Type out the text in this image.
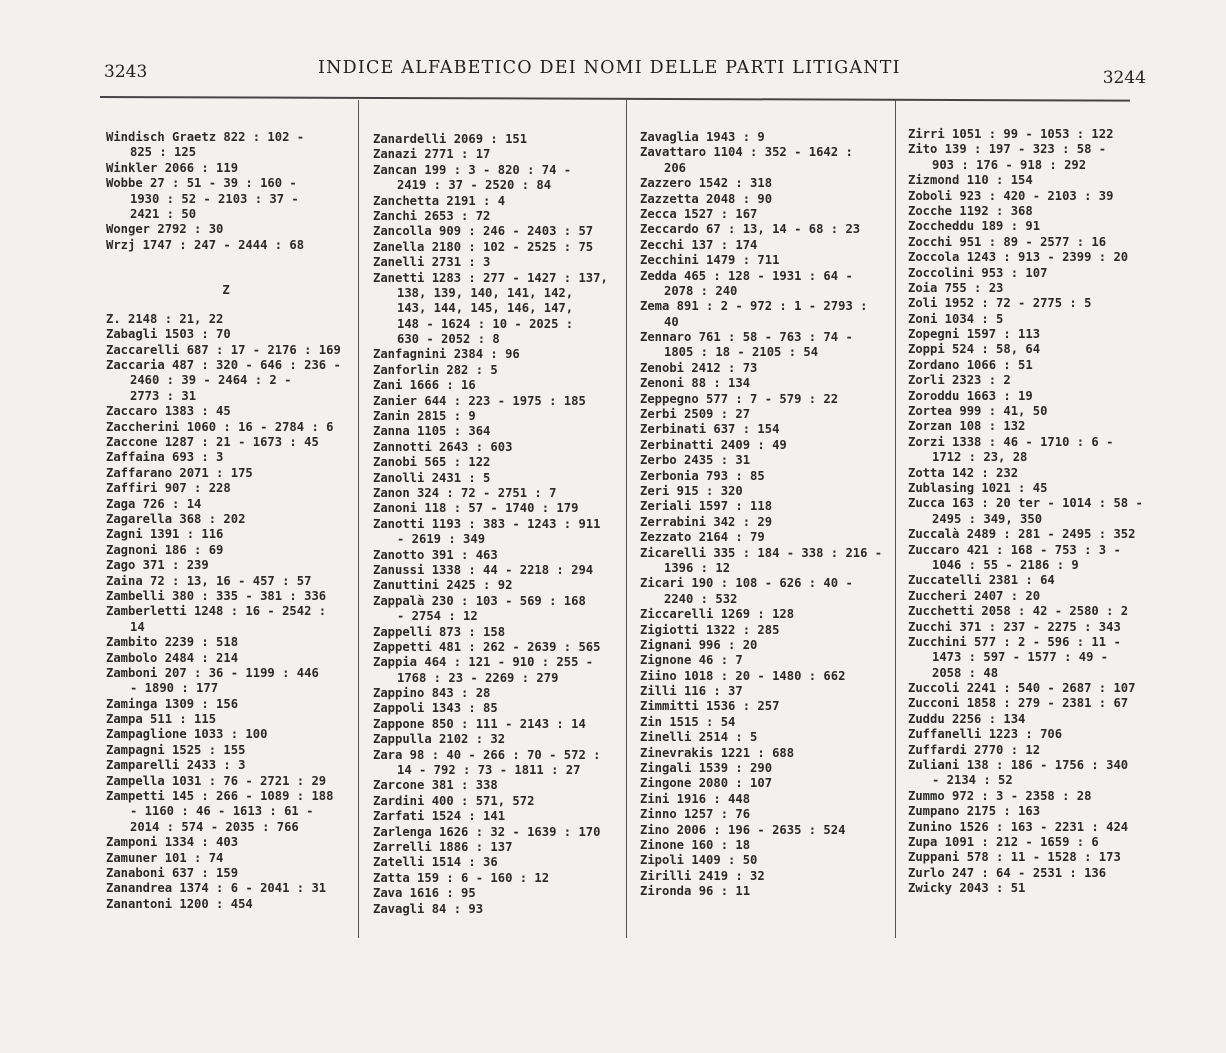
3243	INDICE ALFABETICO DEI NOMI DELLE PARTI LITIGANTI	3244
Windisch Graetz 822 : 102 -
825 : 125
Winkler 2066 : 119
Wobbe 27 : 51 - 39 : 160 -
1930 : 52 - 2103 : 37 -
2421 : 50
Wonger 2792 : 30
Wrzj 1747 : 247 - 2444 : 68
Z
Z. 2148 : 21, 22
Zabagli 1503 : 70
Zaccarelli 687 : 17 - 2176 : 169
Zaccaria 487 : 320 - 646 : 236 -
2460 : 39 - 2464 : 2 -
2773 : 31
Zaccaro 1383 : 45
Zaccherini 1060 : 16 - 2784 : 6
Zaccone 1287 : 21 - 1673 : 45
Zaffaina 693 : 3
Zaffarano 2071 : 175
Zaffiri 907 : 228
Zaga 726 : 14
Zagarella 368 : 202
Zagni 1391 : 116
Zagnoni 186 : 69
Zago 371 : 239
Zaina 72 : 13, 16 - 457 : 57
Zambelli 380 : 335 - 381 : 336
Zamberletti 1248 : 16 - 2542 :
14
Zambito 2239 : 518
Zambolo 2484 : 214
Zamboni 207 : 36 - 1199 : 446
- 1890 : 177
Zaminga 1309 : 156
Zampa 511 : 115
Zampaglione 1033 : 100
Zampagni 1525 : 155
Zamparelli 2433 : 3
Zampella 1031 : 76 - 2721 : 29
Zampetti 145 : 266 - 1089 : 188
- 1160 : 46 - 1613 : 61 -
2014 : 574 - 2035 : 766
Zamponi 1334 : 403
Zamuner 101 : 74
Zanaboni 637 : 159
Zanandrea 1374 : 6 - 2041 : 31
Zanantoni 1200 : 454
Zanardelli 2069 : 151
Zanazi 2771 : 17
Zancan 199 : 3 - 820 : 74 -
2419 : 37 - 2520 : 84
Zanchetta 2191 : 4
Zanchi 2653 : 72
Zancolla 909 : 246 - 2403 : 57
Zanella 2180 : 102 - 2525 : 75
Zanelli 2731 : 3
Zanetti 1283 : 277 - 1427 : 137,
138, 139, 140, 141, 142,
143, 144, 145, 146, 147,
148 - 1624 : 10 - 2025 :
630 - 2052 : 8
Zanfagnini 2384 : 96
Zanforlin 282 : 5
Zani 1666 : 16
Zanier 644 : 223 - 1975 : 185
Zanin 2815 : 9
Zanna 1105 : 364
Zannotti 2643 : 603
Zanobi 565 : 122
Zanolli 2431 : 5
Zanon 324 : 72 - 2751 : 7
Zanoni 118 : 57 - 1740 : 179
Zanotti 1193 : 383 - 1243 : 911
- 2619 : 349
Zanotto 391 : 463
Zanussi 1338 : 44 - 2218 : 294
Zanuttini 2425 : 92
Zappalà 230 : 103 - 569 : 168
- 2754 : 12
Zappelli 873 : 158
Zappetti 481 : 262 - 2639 : 565
Zappia 464 : 121 - 910 : 255 -
1768 : 23 - 2269 : 279
Zappino 843 : 28
Zappoli 1343 : 85
Zappone 850 : 111 - 2143 : 14
Zappulla 2102 : 32
Zara 98 : 40 - 266 : 70 - 572 :
14 - 792 : 73 - 1811 : 27
Zarcone 381 : 338
Zardini 400 : 571, 572
Zarfati 1524 : 141
Zarlenga 1626 : 32 - 1639 : 170
Zarrelli 1886 : 137
Zatelli 1514 : 36
Zatta 159 : 6 - 160 : 12
Zava 1616 : 95
Zavagli 84 : 93
Zavaglia 1943 : 9
Zavattaro 1104 : 352 - 1642 :
206
Zazzero 1542 : 318
Zazzetta 2048 : 90
Zecca 1527 : 167
Zeccardo 67 : 13, 14 - 68 : 23
Zecchi 137 : 174
Zecchini 1479 : 711
Zedda 465 : 128 - 1931 : 64 -
2078 : 240
Zema 891 : 2 - 972 : 1 - 2793 :
40
Zennaro 761 : 58 - 763 : 74 -
1805 : 18 - 2105 : 54
Zenobi 2412 : 73
Zenoni 88 : 134
Zeppegno 577 : 7 - 579 : 22
Zerbi 2509 : 27
Zerbinati 637 : 154
Zerbinatti 2409 : 49
Zerbo 2435 : 31
Zerbonia 793 : 85
Zeri 915 : 320
Zeriali 1597 : 118
Zerrabini 342 : 29
Zezzato 2164 : 79
Zicarelli 335 : 184 - 338 : 216 -
1396 : 12
Zicari 190 : 108 - 626 : 40 -
2240 : 532
Ziccarelli 1269 : 128
Zigiotti 1322 : 285
Zignani 996 : 20
Zignone 46 : 7
Ziino 1018 : 20 - 1480 : 662
Zilli 116 : 37
Zimmitti 1536 : 257
Zin 1515 : 54
Zinelli 2514 : 5
Zinevrakis 1221 : 688
Zingali 1539 : 290
Zingone 2080 : 107
Zini 1916 : 448
Zinno 1257 : 76
Zino 2006 : 196 - 2635 : 524
Zinone 160 : 18
Zipoli 1409 : 50
Zirilli 2419 : 32
Zironda 96 : 11
Zirri 1051 : 99 - 1053 : 122
Zito 139 : 197 - 323 : 58 -
903 : 176 - 918 : 292
Zizmond 110 : 154
Zoboli 923 : 420 - 2103 : 39
Zocche 1192 : 368
Zoccheddu 189 : 91
Zocchi 951 : 89 - 2577 : 16
Zoccola 1243 : 913 - 2399 : 20
Zoccolini 953 : 107
Zoia 755 : 23
Zoli 1952 : 72 - 2775 : 5
Zoni 1034 : 5
Zopegni 1597 : 113
Zoppi 524 : 58, 64
Zordano 1066 : 51
Zorli 2323 : 2
Zoroddu 1663 : 19
Zortea 999 : 41, 50
Zorzan 108 : 132
Zorzi 1338 : 46 - 1710 : 6 -
1712 : 23, 28
Zotta 142 : 232
Zublasing 1021 : 45
Zucca 163 : 20 ter - 1014 : 58 -
2495 : 349, 350
Zuccalà 2489 : 281 - 2495 : 352
Zuccaro 421 : 168 - 753 : 3 -
1046 : 55 - 2186 : 9
Zuccatelli 2381 : 64
Zuccheri 2407 : 20
Zucchetti 2058 : 42 - 2580 : 2
Zucchi 371 : 237 - 2275 : 343
Zucchini 577 : 2 - 596 : 11 -
1473 : 597 - 1577 : 49 -
2058 : 48
Zuccoli 2241 : 540 - 2687 : 107
Zucconi 1858 : 279 - 2381 : 67
Zuddu 2256 : 134
Zuffanelli 1223 : 706
Zuffardi 2770 : 12
Zuliani 138 : 186 - 1756 : 340
- 2134 : 52
Zummo 972 : 3 - 2358 : 28
Zumpano 2175 : 163
Zunino 1526 : 163 - 2231 : 424
Zupa 1091 : 212 - 1659 : 6
Zuppani 578 : 11 - 1528 : 173
Zurlo 247 : 64 - 2531 : 136
Zwicky 2043 : 51
